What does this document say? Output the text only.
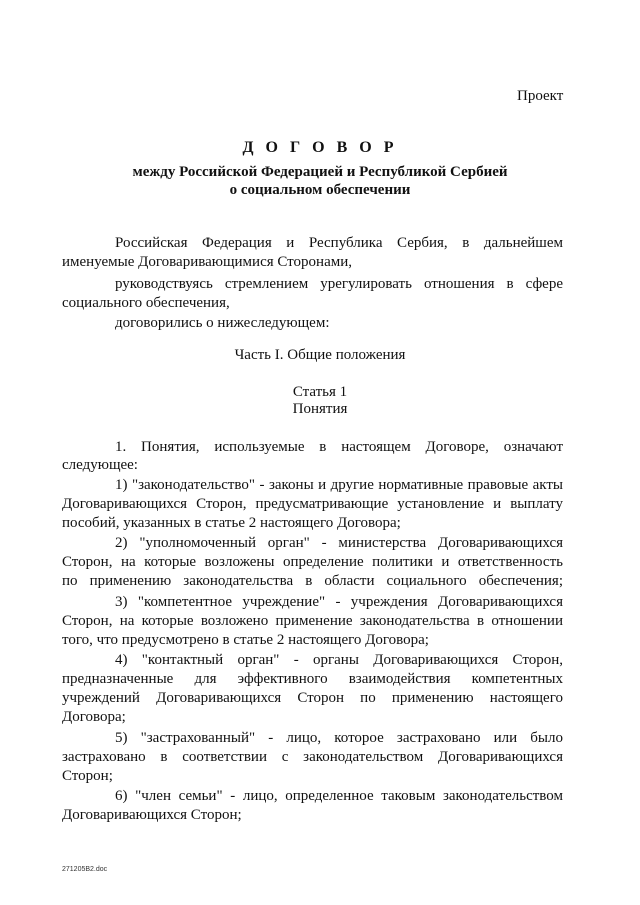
Проект
Д О Г О В О Р
между Российской Федерацией и Республикой Сербией
о социальном обеспечении
Российская Федерация и Республика Сербия, в дальнейшем
именуемые Договаривающимися Сторонами,
руководствуясь стремлением урегулировать отношения в сфере
социального обеспечения,
договорились о нижеследующем:
Часть I. Общие положения
Статья 1
Понятия
1. Понятия, используемые в настоящем Договоре, означают
следующее:
1) "законодательство" - законы и другие нормативные правовые акты
Договаривающихся Сторон, предусматривающие установление и выплату
пособий, указанных в статье 2 настоящего Договора;
2) "уполномоченный орган" - министерства Договаривающихся
Сторон, на которые возложены определение политики и ответственность
по применению законодательства в области социального обеспечения;
3) "компетентное учреждение" - учреждения Договаривающихся
Сторон, на которые возложено применение законодательства в отношении
того, что предусмотрено в статье 2 настоящего Договора;
4) "контактный орган" - органы Договаривающихся Сторон,
предназначенные для эффективного взаимодействия компетентных
учреждений Договаривающихся Сторон по применению настоящего
Договора;
5) "застрахованный" - лицо, которое застраховано или было
застраховано в соответствии с законодательством Договаривающихся
Сторон;
6) "член семьи" - лицо, определенное таковым законодательством
Договаривающихся Сторон;
271205B2.doc
